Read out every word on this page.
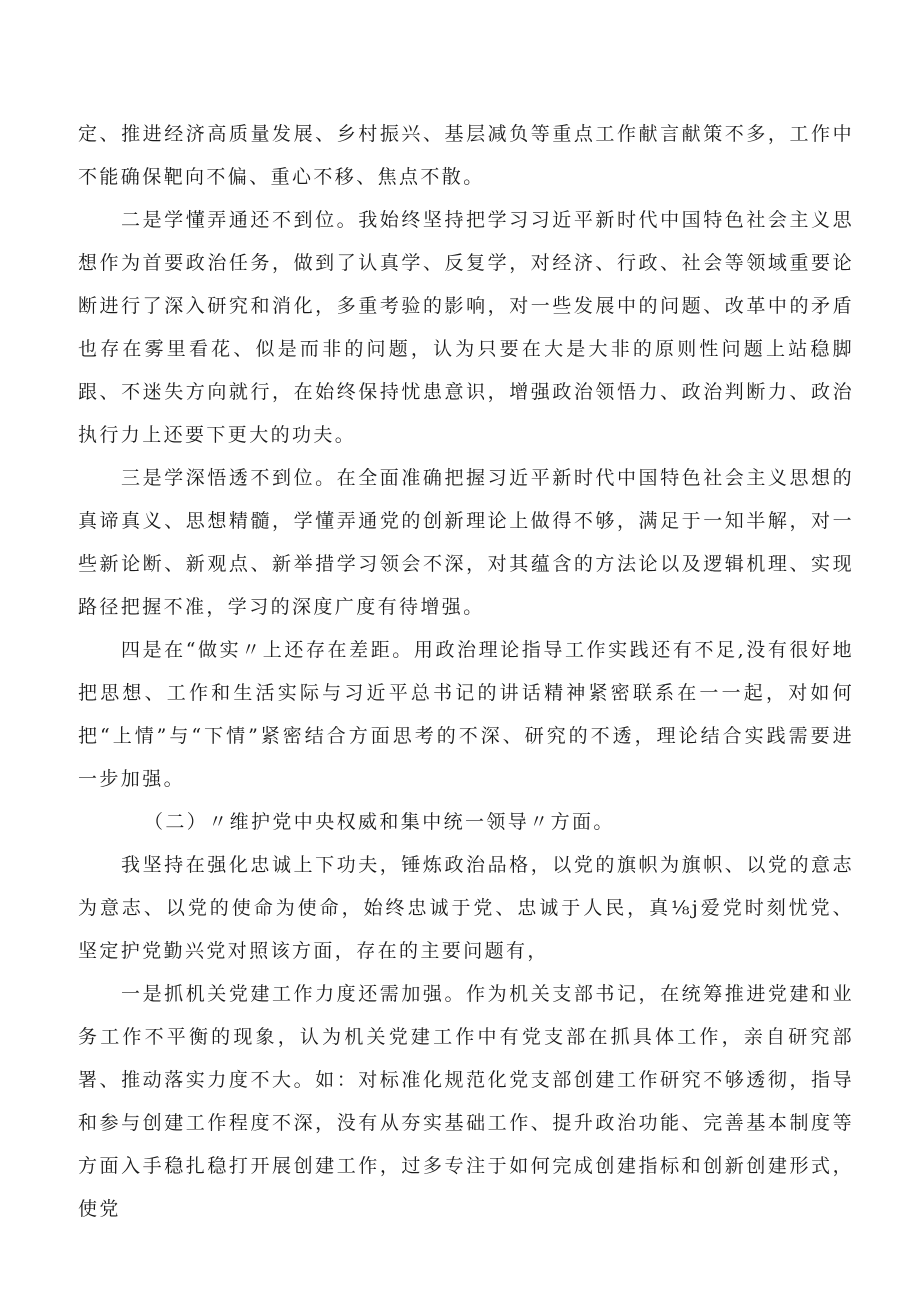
定、推进经济高质量发展、乡村振兴、基层减负等重点工作献言献策不多，工作中不能确保靶向不偏、重心不移、焦点不散。

二是学懂弄通还不到位。我始终坚持把学习习近平新时代中国特色社会主义思想作为首要政治任务，做到了认真学、反复学，对经济、行政、社会等领域重要论断进行了深入研究和消化，多重考验的影响，对一些发展中的问题、改革中的矛盾也存在雾里看花、似是而非的问题，认为只要在大是大非的原则性问题上站稳脚跟、不迷失方向就行，在始终保持忧患意识，增强政治领悟力、政治判断力、政治执行力上还要下更大的功夫。

三是学深悟透不到位。在全面准确把握习近平新时代中国特色社会主义思想的真谛真义、思想精髓，学懂弄通党的创新理论上做得不够，满足于一知半解，对一些新论断、新观点、新举措学习领会不深，对其蕴含的方法论以及逻辑机理、实现路径把握不准，学习的深度广度有待增强。

四是在“做实〃上还存在差距。用政治理论指导工作实践还有不足,没有很好地把思想、工作和生活实际与习近平总书记的讲话精神紧密联系在一一起，对如何把“上情”与“下情”紧密结合方面思考的不深、研究的不透，理论结合实践需要进一步加强。

（二）〃维护党中央权威和集中统一领导〃方面。

我坚持在强化忠诚上下功夫，锤炼政治品格，以党的旗帜为旗帜、以党的意志为意志、以党的使命为使命，始终忠诚于党、忠诚于人民，真⅛j爱党时刻忧党、坚定护党勤兴党对照该方面，存在的主要问题有，

一是抓机关党建工作力度还需加强。作为机关支部书记，在统筹推进党建和业务工作不平衡的现象，认为机关党建工作中有党支部在抓具体工作，亲自研究部署、推动落实力度不大。如：对标准化规范化党支部创建工作研究不够透彻，指导和参与创建工作程度不深，没有从夯实基础工作、提升政治功能、完善基本制度等方面入手稳扎稳打开展创建工作，过多专注于如何完成创建指标和创新创建形式，使党
